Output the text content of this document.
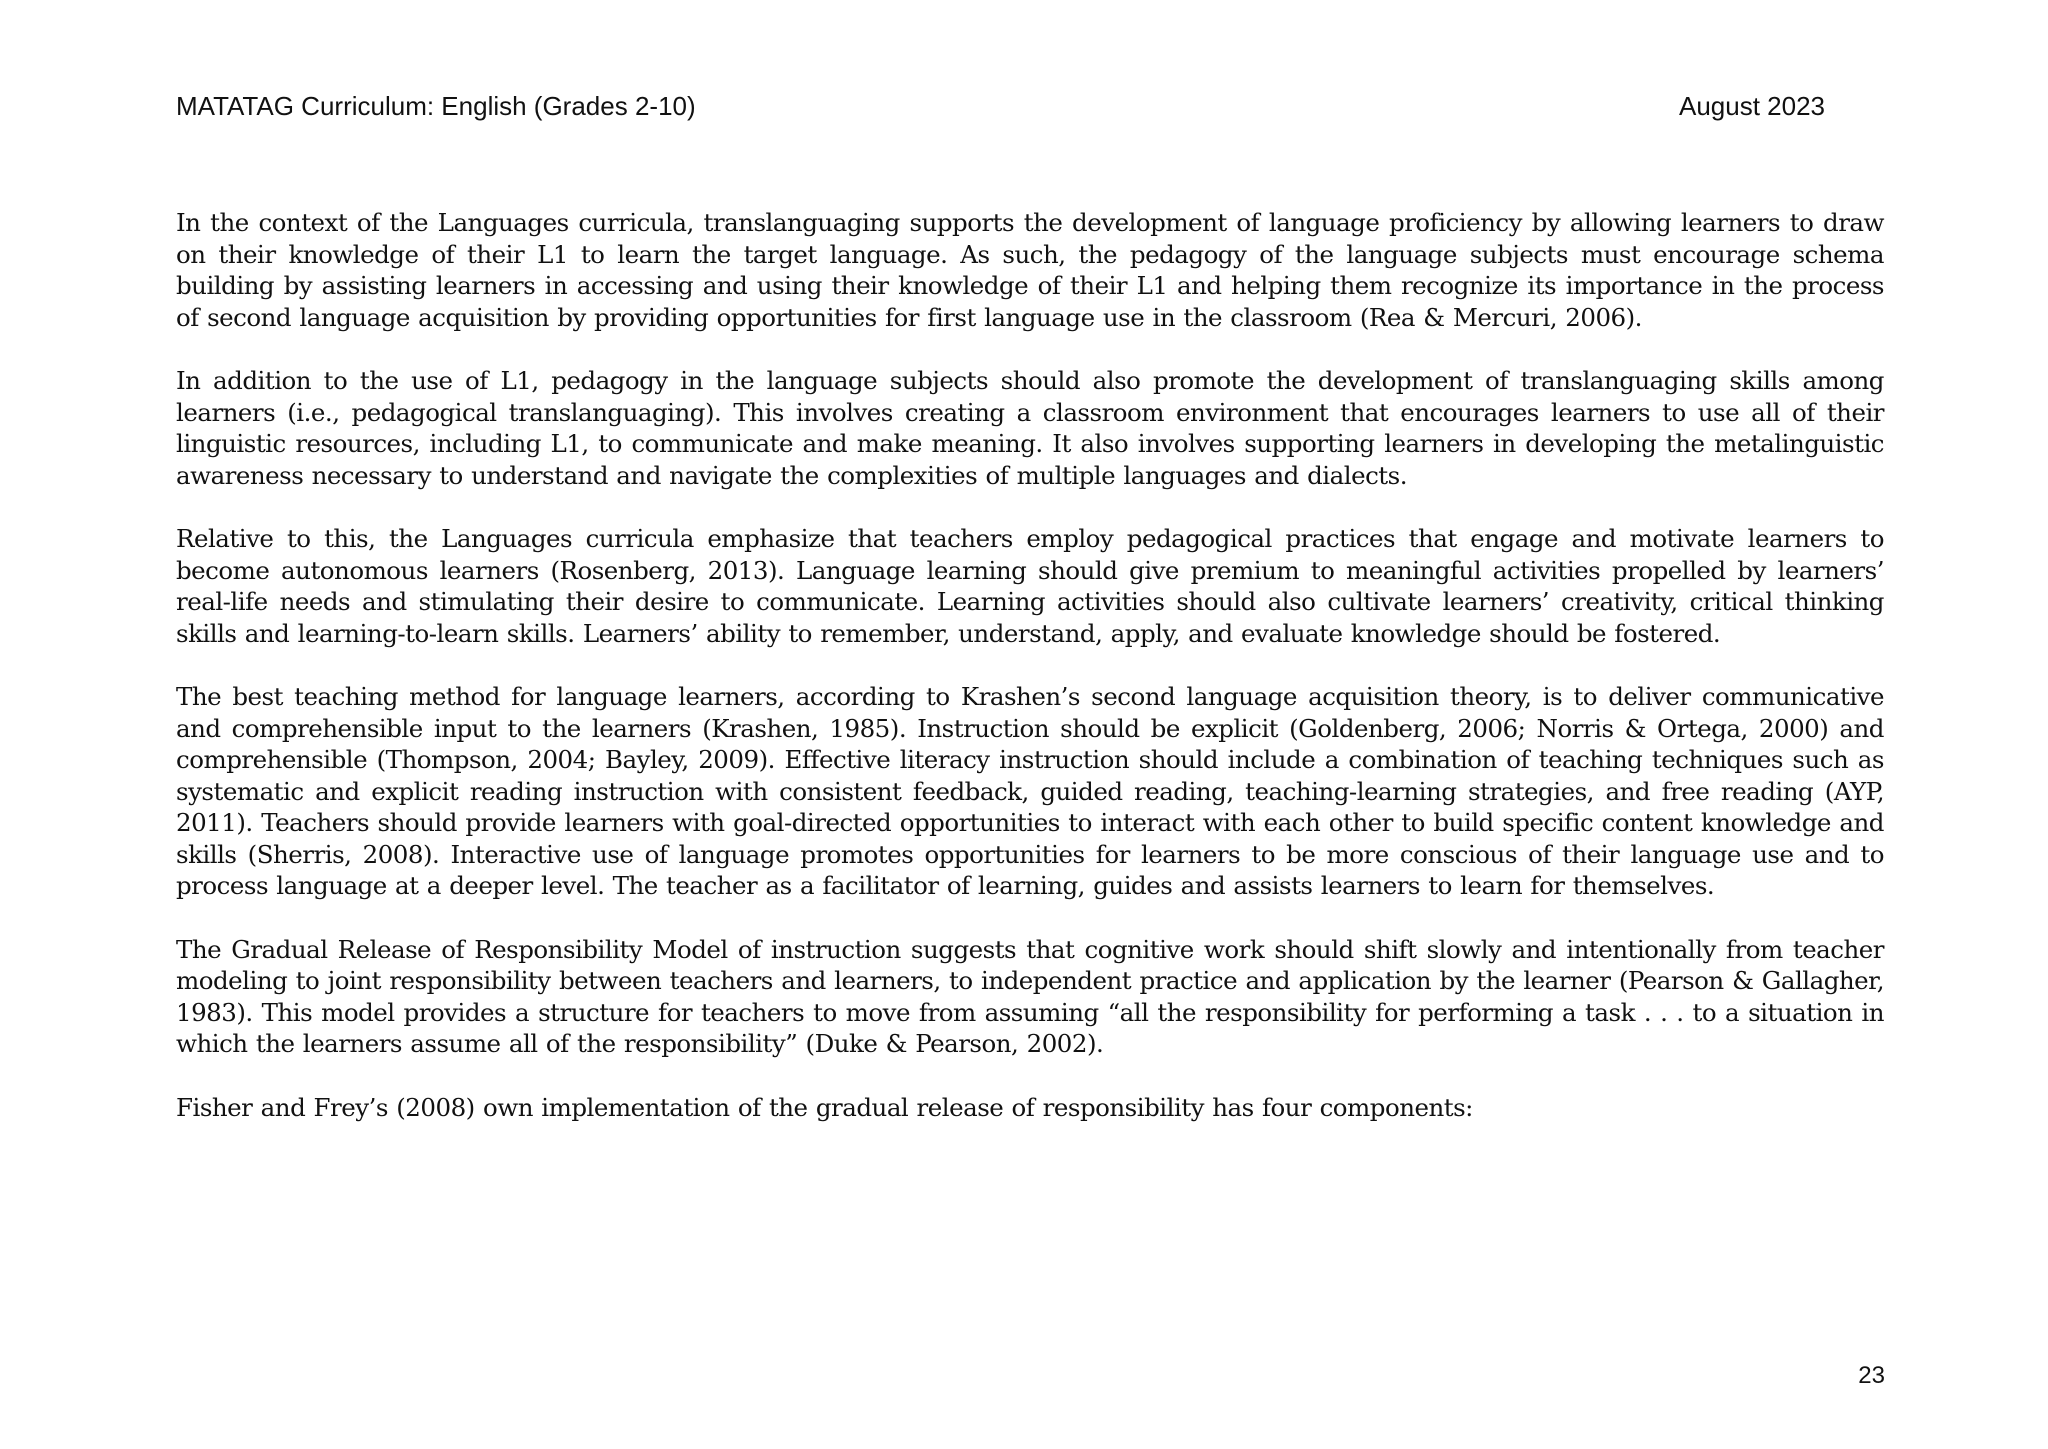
MATATAG Curriculum: English (Grades 2-10)	August 2023

In the context of the Languages curricula, translanguaging supports the development of language proficiency by allowing learners to draw on their knowledge of their L1 to learn the target language. As such, the pedagogy of the language subjects must encourage schema building by assisting learners in accessing and using their knowledge of their L1 and helping them recognize its importance in the process of second language acquisition by providing opportunities for first language use in the classroom (Rea & Mercuri, 2006).

In addition to the use of L1, pedagogy in the language subjects should also promote the development of translanguaging skills among learners (i.e., pedagogical translanguaging). This involves creating a classroom environment that encourages learners to use all of their linguistic resources, including L1, to communicate and make meaning. It also involves supporting learners in developing the metalinguistic awareness necessary to understand and navigate the complexities of multiple languages and dialects.

Relative to this, the Languages curricula emphasize that teachers employ pedagogical practices that engage and motivate learners to become autonomous learners (Rosenberg, 2013). Language learning should give premium to meaningful activities propelled by learners’ real-life needs and stimulating their desire to communicate. Learning activities should also cultivate learners’ creativity, critical thinking skills and learning-to-learn skills. Learners’ ability to remember, understand, apply, and evaluate knowledge should be fostered.

The best teaching method for language learners, according to Krashen’s second language acquisition theory, is to deliver communicative and comprehensible input to the learners (Krashen, 1985). Instruction should be explicit (Goldenberg, 2006; Norris & Ortega, 2000) and comprehensible (Thompson, 2004; Bayley, 2009). Effective literacy instruction should include a combination of teaching techniques such as systematic and explicit reading instruction with consistent feedback, guided reading, teaching-learning strategies, and free reading (AYP, 2011). Teachers should provide learners with goal-directed opportunities to interact with each other to build specific content knowledge and skills (Sherris, 2008). Interactive use of language promotes opportunities for learners to be more conscious of their language use and to process language at a deeper level. The teacher as a facilitator of learning, guides and assists learners to learn for themselves.

The Gradual Release of Responsibility Model of instruction suggests that cognitive work should shift slowly and intentionally from teacher modeling to joint responsibility between teachers and learners, to independent practice and application by the learner (Pearson & Gallagher, 1983). This model provides a structure for teachers to move from assuming “all the responsibility for performing a task . . . to a situation in which the learners assume all of the responsibility” (Duke & Pearson, 2002).

Fisher and Frey’s (2008) own implementation of the gradual release of responsibility has four components:

23
